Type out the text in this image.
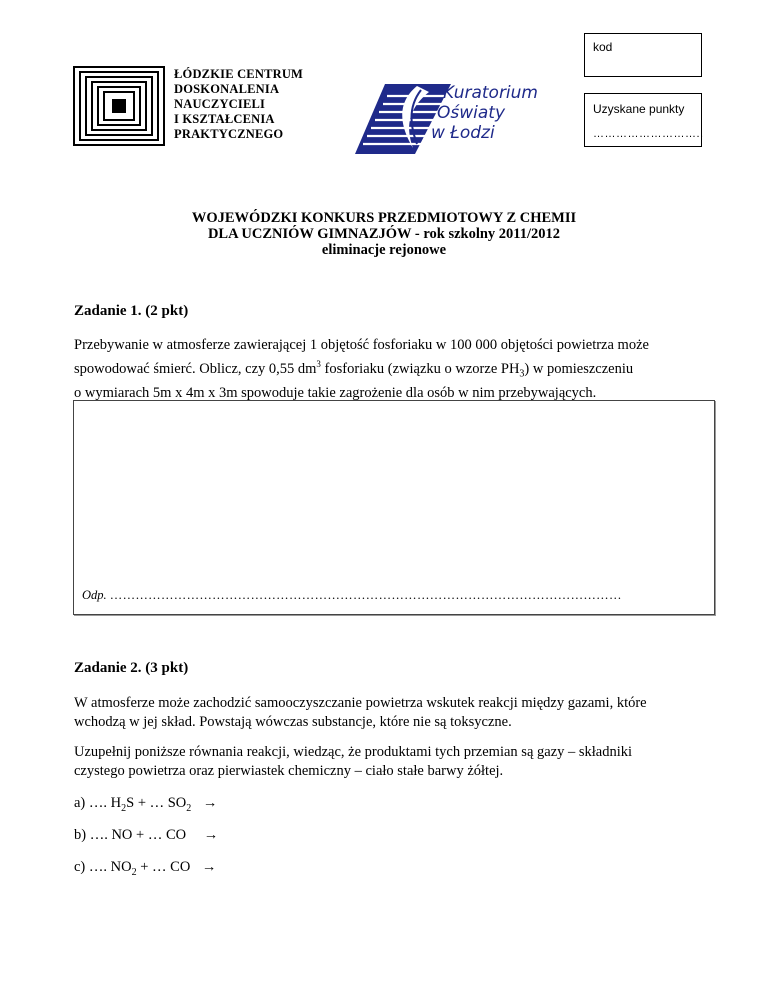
ŁÓDZKIE CENTRUM
DOSKONALENIA
NAUCZYCIELI
I KSZTAŁCENIA
PRAKTYCZNEGO
Kuratorium
Oświaty
w Łodzi
kod
Uzyskane punkty
………………………..
WOJEWÓDZKI KONKURS PRZEDMIOTOWY Z CHEMII
DLA UCZNIÓW GIMNAZJÓW - rok szkolny 2011/2012
eliminacje rejonowe
Zadanie 1. (2 pkt)
Przebywanie w atmosferze zawierającej 1 objętość fosforiaku w 100 000 objętości powietrza może
spowodować śmierć. Oblicz, czy 0,55 $dm^3$ fosforiaku (związku o wzorze $PH_3$) w pomieszczeniu
o wymiarach 5m x 4m x 3m spowoduje takie zagrożenie dla osób w nim przebywających.
Odp. …………………………………………………………………………………………………………
Zadanie 2. (3 pkt)
W atmosferze może zachodzić samooczyszczanie powietrza wskutek reakcji między gazami, które
wchodzą w jej skład. Powstają wówczas substancje, które nie są toksyczne.
Uzupełnij poniższe równania reakcji, wiedząc, że produktami tych przemian są gazy – składniki
czystego powietrza oraz pierwiastek chemiczny – ciało stałe barwy żółtej.
a) …. $H_2S$ + … $SO_2$ →
b) …. NO + … CO →
c) …. $NO_2$ + … CO →
